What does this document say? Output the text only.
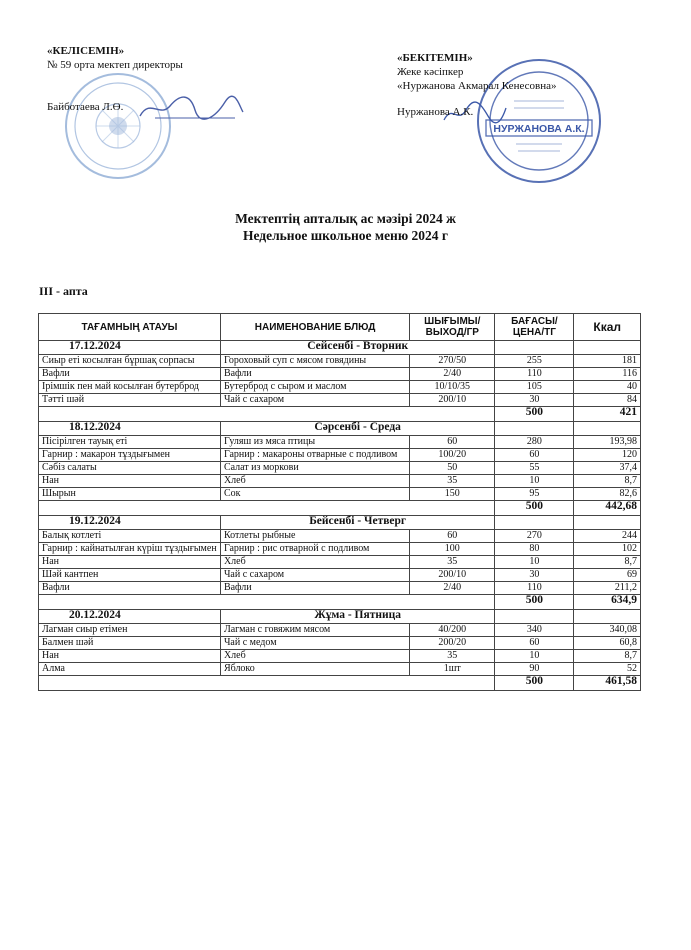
НУРЖАНОВА А.К.
«КЕЛІСЕМІН»
№ 59 орта мектеп директоры
Байботаева Л.Ө.
«БЕКІТЕМІН»
Жеке кәсіпкер
«Нуржанова Акмарал Кенесовна»
Нуржанова А.К.
Мектептің апталық ас мәзірі 2024 ж
Недельное школьное меню 2024 г
III - апта
ТАҒАМНЫҢ АТАУЫ	НАИМЕНОВАНИЕ БЛЮД	ШЫҒЫМЫ/ ВЫХОД/ГР	БАҒАСЫ/ ЦЕНА/ТГ	Ккал
17.12.2024	Сейсенбі - Вторник			
Сиыр еті косылған бұршақ сорпасы	Гороховый суп с мясом говядины	270/50	255	181
Вафли	Вафли	2/40	110	116
Ірімшік пен май косылған бутерброд	Бутерброд с сыром и маслом	10/10/35	105	40
Тәтті шәй	Чай с сахаром	200/10	30	84
			500	421
18.12.2024	Сәрсенбі - Среда			
Пісірілген тауық еті	Гуляш из мяса птицы	60	280	193,98
Гарнир : макарон тұздығымен	Гарнир : макароны отварные с подливом	100/20	60	120
Сәбіз салаты	Салат из моркови	50	55	37,4
Нан	Хлеб	35	10	8,7
Шырын	Сок	150	95	82,6
			500	442,68
19.12.2024	Бейсенбі - Четверг			
Балық котлеті	Котлеты рыбные	60	270	244
Гарнир : кайнатылған күріш тұздығымен	Гарнир : рис отварной с подливом	100	80	102
Нан	Хлеб	35	10	8,7
Шәй кантпен	Чай с сахаром	200/10	30	69
Вафли	Вафли	2/40	110	211,2
			500	634,9
20.12.2024	Жұма - Пятница			
Лагман сиыр етімен	Лагман с говяжим мясом	40/200	340	340,08
Балмен шәй	Чай с медом	200/20	60	60,8
Нан	Хлеб	35	10	8,7
Алма	Яблоко	1шт	90	52
			500	461,58
